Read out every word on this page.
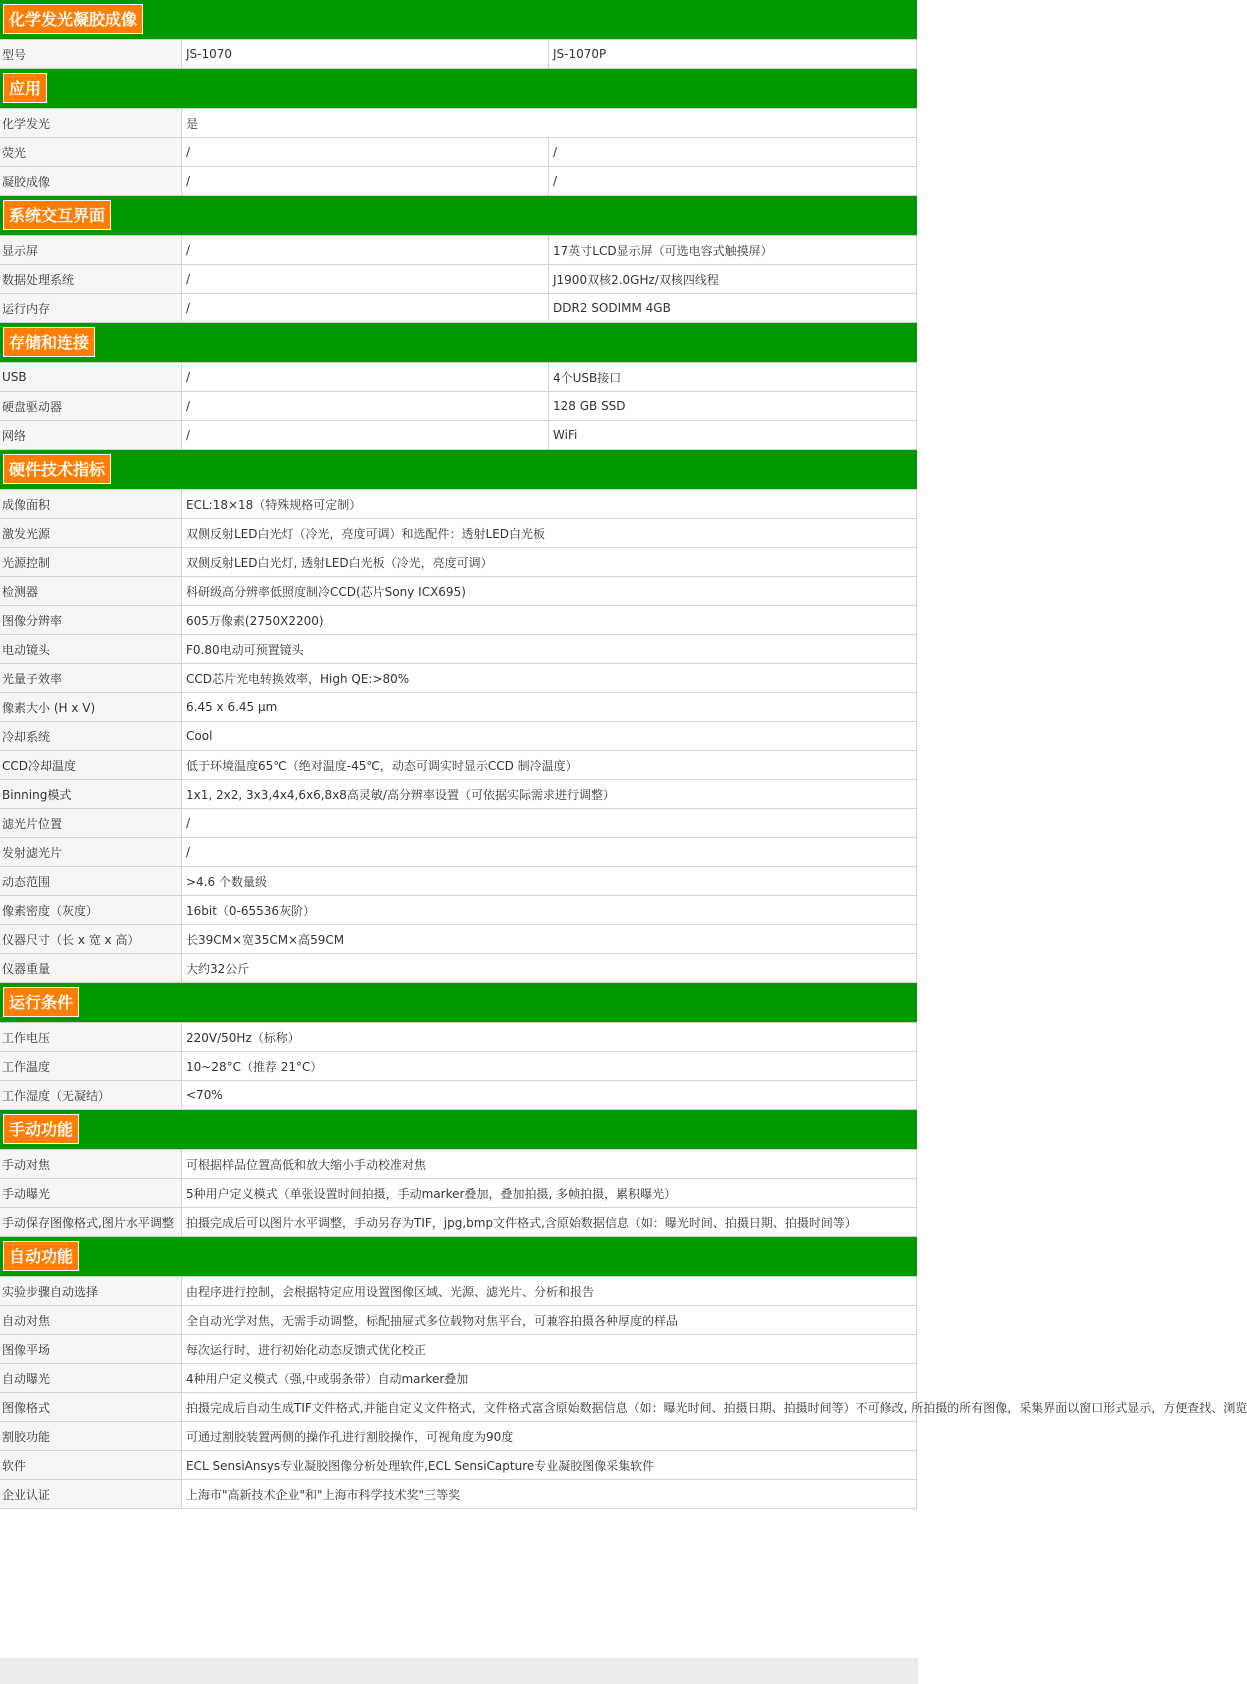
化学发光凝胶成像
型号	JS-1070	JS-1070P
应用
化学发光	是
荧光	/	/
凝胶成像	/	/
系统交互界面
显示屏	/	17英寸LCD显示屏（可选电容式触摸屏）
数据处理系统	/	J1900双核2.0GHz/双核四线程
运行内存	/	DDR2 SODIMM 4GB
存储和连接
USB	/	4个USB接口
硬盘驱动器	/	128 GB SSD
网络	/	WiFi
硬件技术指标
成像面积	ECL:18×18（特殊规格可定制）
激发光源	双侧反射LED白光灯（冷光，亮度可调）和选配件：透射LED白光板
光源控制	双侧反射LED白光灯, 透射LED白光板（冷光，亮度可调）
检测器	科研级高分辨率低照度制冷CCD(芯片Sony ICX695)
图像分辨率	605万像素(2750X2200)
电动镜头	F0.80电动可预置镜头
光量子效率	CCD芯片光电转换效率，High QE:>80%
像素大小 (H x V)	6.45 x 6.45 μm
冷却系统	Cool
CCD冷却温度	低于环境温度65℃（绝对温度-45℃，动态可调实时显示CCD 制冷温度）
Binning模式	1x1, 2x2, 3x3,4x4,6x6,8x8高灵敏/高分辨率设置（可依据实际需求进行调整）
滤光片位置	/
发射滤光片	/
动态范围	>4.6 个数量级
像素密度（灰度）	16bit（0-65536灰阶）
仪器尺寸（长 x 宽 x 高）	长39CM×宽35CM×高59CM
仪器重量	大约32公斤
运行条件
工作电压	220V/50Hz（标称）
工作温度	10~28°C（推荐 21°C）
工作湿度（无凝结）	<70%
手动功能
手动对焦	可根据样品位置高低和放大缩小手动校准对焦
手动曝光	5种用户定义模式（单张设置时间拍摄，手动marker叠加，叠加拍摄, 多帧拍摄，累积曝光）
手动保存图像格式,图片水平调整	拍摄完成后可以图片水平调整，手动另存为TIF，jpg,bmp文件格式,含原始数据信息（如：曝光时间、拍摄日期、拍摄时间等）
自动功能
实验步骤自动选择	由程序进行控制，会根据特定应用设置图像区域、光源、滤光片、分析和报告
自动对焦	全自动光学对焦，无需手动调整，标配抽屉式多位载物对焦平台，可兼容拍摄各种厚度的样品
图像平场	每次运行时，进行初始化动态反馈式优化校正
自动曝光	4种用户定义模式（强,中或弱条带）自动marker叠加
图像格式	拍摄完成后自动生成TIF文件格式,并能自定义文件格式，文件格式富含原始数据信息（如：曝光时间、拍摄日期、拍摄时间等）不可修改, 所拍摄的所有图像，采集界面以窗口形式显示，方便查找、浏览
割胶功能	可通过割胶装置两侧的操作孔进行割胶操作，可视角度为90度
软件	ECL SensiAnsys专业凝胶图像分析处理软件,ECL SensiCapture专业凝胶图像采集软件
企业认证	上海市"高新技术企业"和"上海市科学技术奖"三等奖
